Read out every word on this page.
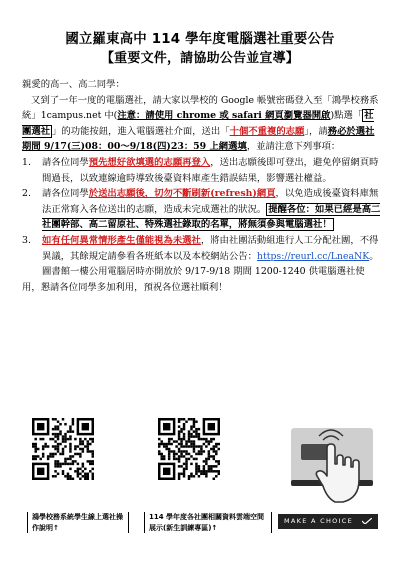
國立羅東高中 114 學年度電腦選社重要公告
【重要文件，請協助公告並宣導】

親愛的高一、高二同學：

又到了一年一度的電腦選社，請大家以學校的 Google 帳號密碼登入至「鴻學校務系統」1campus.net 中(注意：請使用 chrome 或 safari 網頁瀏覽器開啟)點選「 社團選社 」的功能按鈕，進入電腦選社介面，送出「十個不重複的志願」，請務必於選社期間 9/17(三)08：00～9/18(四)23：59 上網選填，並請注意下列事項：

1. 請各位同學預先想好欲填選的志願再登入，送出志願後即可登出，避免停留網頁時間過長，以致連線逾時導致後臺資料庫產生錯誤結果，影響選社權益。
2. 請各位同學於送出志願後，切勿不斷刷新(refresh)網頁，以免造成後臺資料庫無法正常寫入各位送出的志願，造成未完成選社的狀況。 提醒各位：如果已經是高二社團幹部、高二留原社、特殊選社錄取的名單，將無須參與電腦選社！
3. 如有任何異常情形產生僅能視為未選社，將由社團活動組進行人工分配社團，不得異議，其餘規定請參看各班紙本以及本校網站公告：https://reurl.cc/LneaNK。

圖書館一樓公用電腦居時亦開放於 9/17-9/18 期間 1200-1240 供電腦選社使用，懇請各位同學多加利用，預祝各位選社順利！

鴻學校務系統學生線上選社操作說明↑
114 學年度各社團相關資料雲端空間展示(新生訓練專區)↑
MAKE A CHOICE
